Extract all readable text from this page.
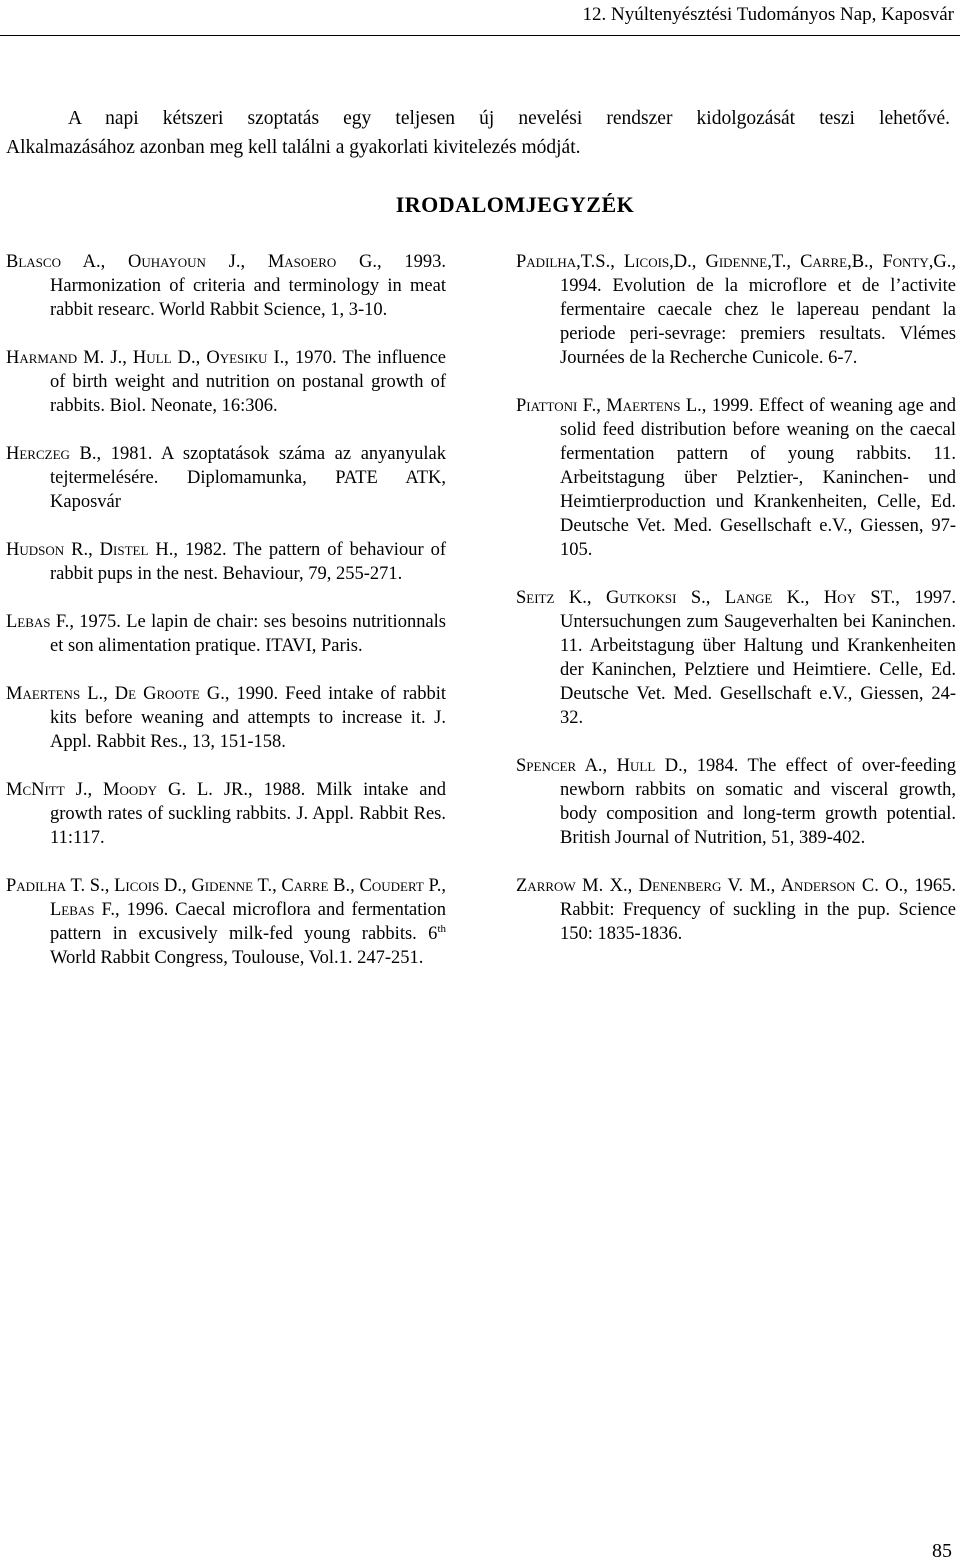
12. Nyúltenyésztési Tudományos Nap, Kaposvár
A napi kétszeri szoptatás egy teljesen új nevelési rendszer kidolgozását teszi lehetővé.
Alkalmazásához azonban meg kell találni a gyakorlati kivitelezés módját.
IRODALOMJEGYZÉK

Blasco A., Ouhayoun J., Masoero G., 1993. Harmonization of criteria and terminology in meat rabbit researc. World Rabbit Science, 1, 3-10.

Harmand M. J., Hull D., Oyesiku I., 1970. The influence of birth weight and nutrition on postanal growth of rabbits. Biol. Neonate, 16:306.

Herczeg B., 1981. A szoptatások száma az anyanyulak tejtermelésére. Diplomamunka, PATE ATK, Kaposvár

Hudson R., Distel H., 1982. The pattern of behaviour of rabbit pups in the nest. Behaviour, 79, 255-271.

Lebas F., 1975. Le lapin de chair: ses besoins nutritionnals et son alimentation pratique. ITAVI, Paris.

Maertens L., De Groote G., 1990. Feed intake of rabbit kits before weaning and attempts to increase it. J. Appl. Rabbit Res., 13, 151-158.

McNitt J., Moody G. L. JR., 1988. Milk intake and growth rates of suckling rabbits. J. Appl. Rabbit Res. 11:117.

Padilha T. S., Licois D., Gidenne T., Carre B., Coudert P., Lebas F., 1996. Caecal microflora and fermentation pattern in excusively milk-fed young rabbits. 6th World Rabbit Congress, Toulouse, Vol.1. 247-251.

Padilha,T.S., Licois,D., Gidenne,T., Carre,B., Fonty,G., 1994. Evolution de la microflore et de l’activite fermentaire caecale chez le lapereau pendant la periode peri-sevrage: premiers resultats. Vlémes Journées de la Recherche Cunicole. 6-7.

Piattoni F., Maertens L., 1999. Effect of weaning age and solid feed distribution before weaning on the caecal fermentation pattern of young rabbits. 11. Arbeitstagung über Pelztier-, Kaninchen- und Heimtierproduction und Krankenheiten, Celle, Ed. Deutsche Vet. Med. Gesellschaft e.V., Giessen, 97-105.

Seitz K., Gutkoksi S., Lange K., Hoy ST., 1997. Untersuchungen zum Saugeverhalten bei Kaninchen. 11. Arbeitstagung über Haltung und Krankenheiten der Kaninchen, Pelztiere und Heimtiere. Celle, Ed. Deutsche Vet. Med. Gesellschaft e.V., Giessen, 24-32.

Spencer A., Hull D., 1984. The effect of over-feeding newborn rabbits on somatic and visceral growth, body composition and long-term growth potential. British Journal of Nutrition, 51, 389-402.

Zarrow M. X., Denenberg V. M., Anderson C. O., 1965. Rabbit: Frequency of suckling in the pup. Science 150: 1835-1836.

85
